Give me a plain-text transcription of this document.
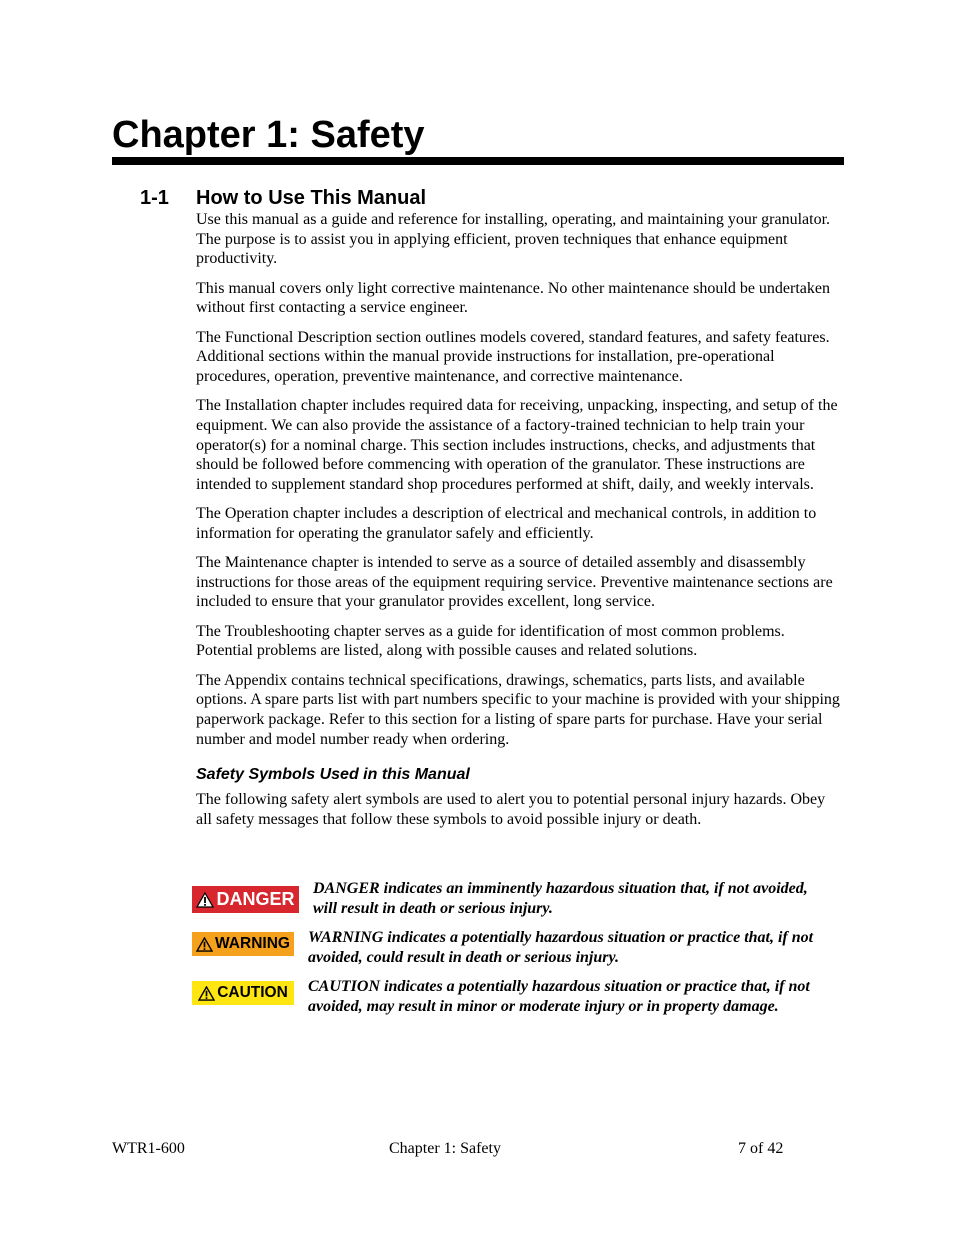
Chapter 1: Safety
1-1 How to Use This Manual

Use this manual as a guide and reference for installing, operating, and maintaining your granulator. The purpose is to assist you in applying efficient, proven techniques that enhance equipment productivity.

This manual covers only light corrective maintenance. No other maintenance should be undertaken without first contacting a service engineer.

The Functional Description section outlines models covered, standard features, and safety features. Additional sections within the manual provide instructions for installation, pre-operational procedures, operation, preventive maintenance, and corrective maintenance.

The Installation chapter includes required data for receiving, unpacking, inspecting, and setup of the equipment. We can also provide the assistance of a factory-trained technician to help train your operator(s) for a nominal charge. This section includes instructions, checks, and adjustments that should be followed before commencing with operation of the granulator. These instructions are intended to supplement standard shop procedures performed at shift, daily, and weekly intervals.

The Operation chapter includes a description of electrical and mechanical controls, in addition to information for operating the granulator safely and efficiently.

The Maintenance chapter is intended to serve as a source of detailed assembly and disassembly instructions for those areas of the equipment requiring service. Preventive maintenance sections are included to ensure that your granulator provides excellent, long service.

The Troubleshooting chapter serves as a guide for identification of most common problems. Potential problems are listed, along with possible causes and related solutions.

The Appendix contains technical specifications, drawings, schematics, parts lists, and available options. A spare parts list with part numbers specific to your machine is provided with your shipping paperwork package. Refer to this section for a listing of spare parts for purchase. Have your serial number and model number ready when ordering.

Safety Symbols Used in this Manual

The following safety alert symbols are used to alert you to potential personal injury hazards. Obey all safety messages that follow these symbols to avoid possible injury or death.

DANGER
DANGER indicates an imminently hazardous situation that, if not avoided, will result in death or serious injury.
WARNING WARNING indicates a potentially hazardous situation or practice that, if not avoided, could result in death or serious injury.
CAUTION CAUTION indicates a potentially hazardous situation or practice that, if not avoided, may result in minor or moderate injury or in property damage.
WTR1-600	Chapter 1: Safety	7 of 42
